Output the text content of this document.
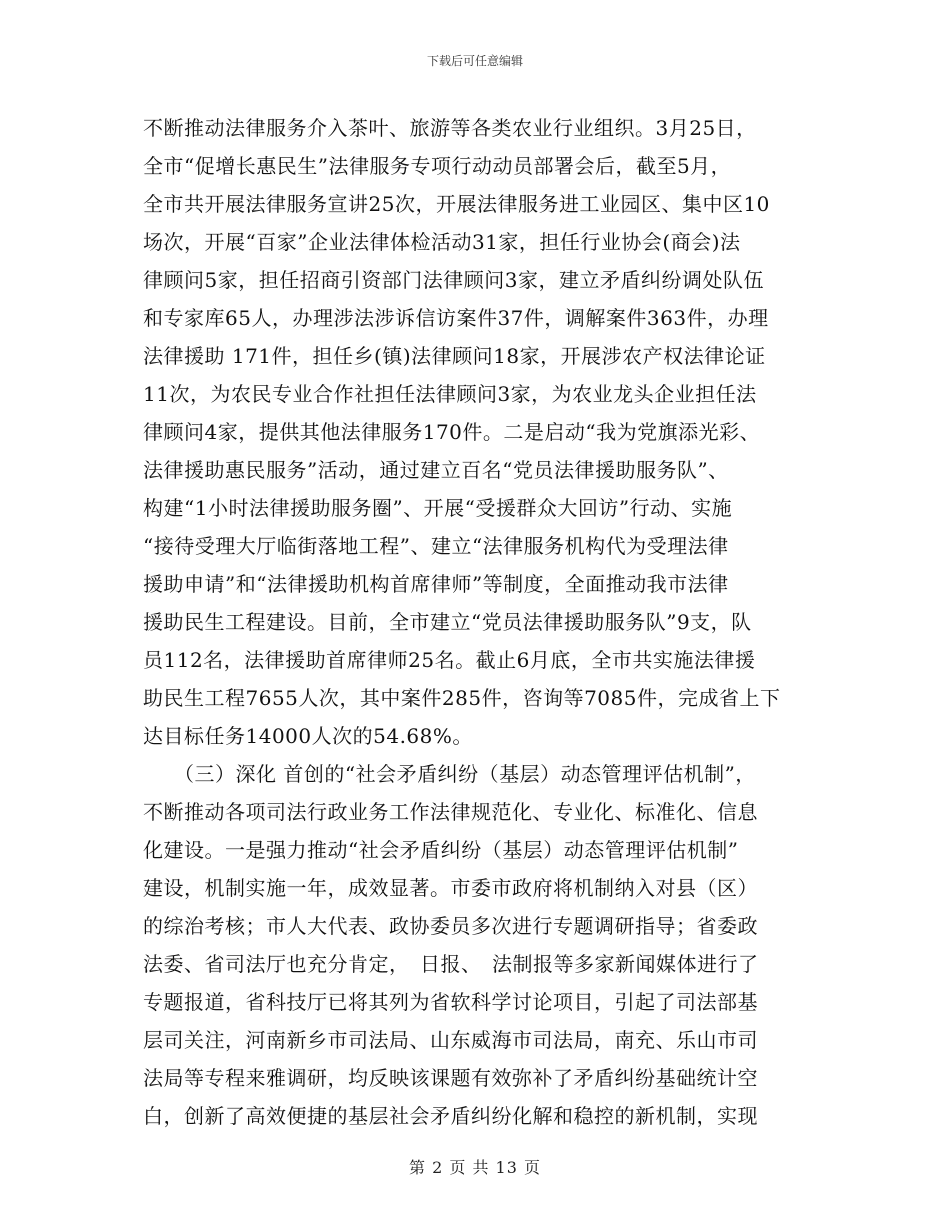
下载后可任意编辑
不断推动法律服务介入茶叶、旅游等各类农业行业组织。3月25日，
全市“促增长惠民生”法律服务专项行动动员部署会后，截至5月，
全市共开展法律服务宣讲25次，开展法律服务进工业园区、集中区10
场次，开展“百家”企业法律体检活动31家，担任行业协会(商会)法
律顾问5家，担任招商引资部门法律顾问3家，建立矛盾纠纷调处队伍
和专家库65人，办理涉法涉诉信访案件37件，调解案件363件，办理
法律援助 171件，担任乡(镇)法律顾问18家，开展涉农产权法律论证
11次，为农民专业合作社担任法律顾问3家，为农业龙头企业担任法
律顾问4家，提供其他法律服务170件。二是启动“我为党旗添光彩、
法律援助惠民服务”活动，通过建立百名“党员法律援助服务队”、
构建“1小时法律援助服务圈”、开展“受援群众大回访”行动、实施
“接待受理大厅临街落地工程”、建立“法律服务机构代为受理法律
援助申请”和“法律援助机构首席律师”等制度，全面推动我市法律
援助民生工程建设。目前，全市建立“党员法律援助服务队”9支，队
员112名，法律援助首席律师25名。截止6月底，全市共实施法律援
助民生工程7655人次，其中案件285件，咨询等7085件，完成省上下
达目标任务14000人次的54.68%。
　　（三）深化 首创的“社会矛盾纠纷（基层）动态管理评估机制”，
不断推动各项司法行政业务工作法律规范化、专业化、标准化、信息
化建设。一是强力推动“社会矛盾纠纷（基层）动态管理评估机制”
建设，机制实施一年，成效显著。市委市政府将机制纳入对县（区）
的综治考核；市人大代表、政协委员多次进行专题调研指导；省委政
法委、省司法厅也充分肯定，　日报、　法制报等多家新闻媒体进行了
专题报道，省科技厅已将其列为省软科学讨论项目，引起了司法部基
层司关注，河南新乡市司法局、山东威海市司法局，南充、乐山市司
法局等专程来雅调研，均反映该课题有效弥补了矛盾纠纷基础统计空
白，创新了高效便捷的基层社会矛盾纠纷化解和稳控的新机制，实现
第 2 页 共 13 页
